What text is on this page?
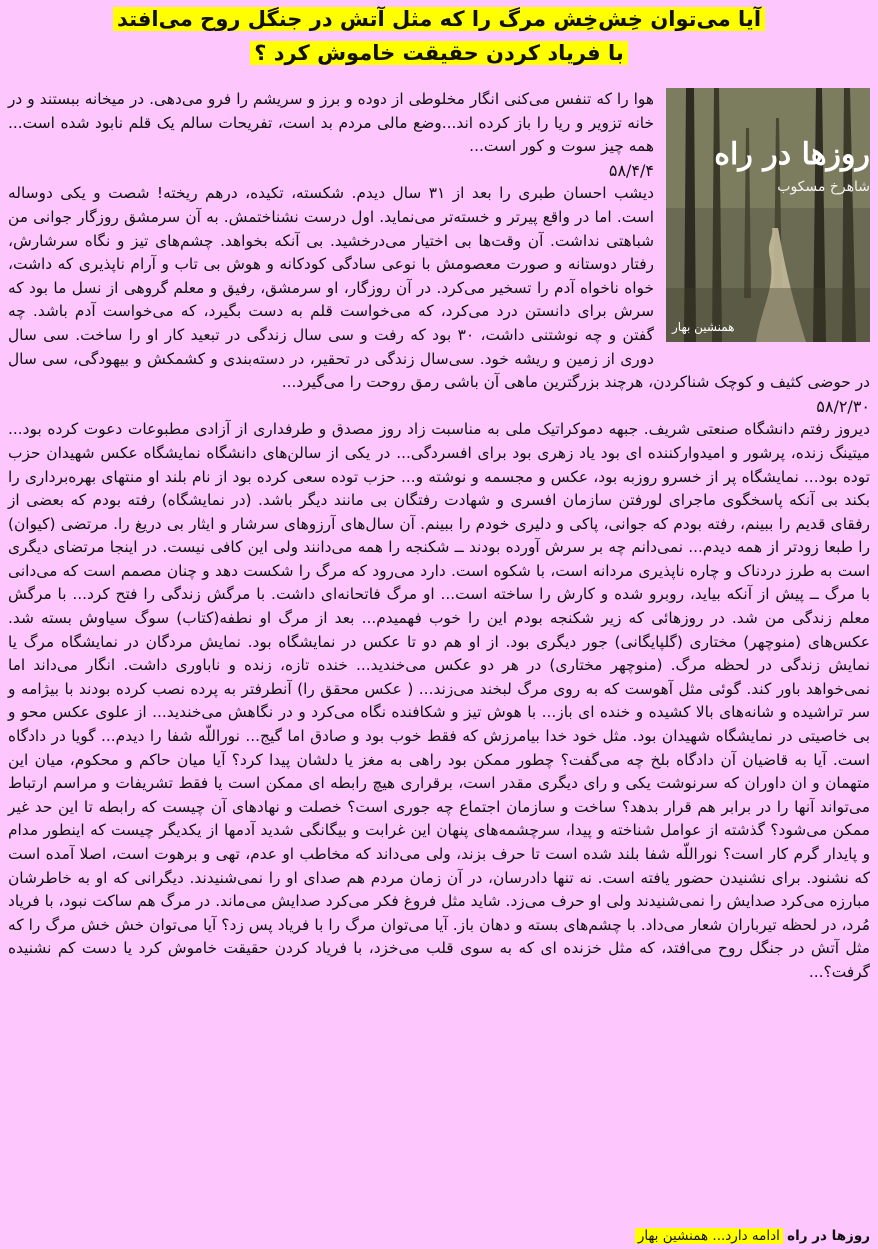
آیا می‌توان خِش‌خِش مرگ را که مثل آتش در جنگل روح می‌افتد
با فریاد کردن حقیقت خاموش کرد ؟
روزها در راه
شاهرخ مسکوب
همنشین بهار
هوا را که تنفس می‌کنی انگار مخلوطی از دوده و برز و سریشم را فرو می‌دهی. در میخانه ببستند و در خانه تزویر و ریا را باز کرده اند...وضع مالی مردم بد است، تفریحات سالم یک قلم نابود شده است... همه چیز سوت و کور است...
۵۸/۴/۴
دیشب احسان طبری را بعد از ۳۱ سال دیدم. شکسته، تکیده، درهم ریخته! شصت و یکی دوساله است. اما در واقع پیرتر و خسته‌تر می‌نماید. اول درست نشناختمش. به آن سرمشق روزگار جوانی من شباهتی نداشت. آن وقت‌ها بی اختیار می‌درخشید. بی آنکه بخواهد. چشم‌های تیز و نگاه سرشارش، رفتار دوستانه و صورت معصومش با نوعی سادگی کودکانه و هوش بی تاب و آرام ناپذیری که داشت، خواه ناخواه آدم را تسخیر می‌کرد. در آن روزگار، او سرمشق، رفیق و معلم گروهی از نسل ما بود که سرش برای دانستن درد می‌کرد، که می‌خواست قلم به دست بگیرد، که می‌خواست آدم باشد. چه گفتن و چه نوشتنی داشت، ۳۰ بود که رفت و سی سال زندگی در تبعید کار او را ساخت. سی سال دوری از زمین و ریشه خود. سی‌سال زندگی در تحقیر، در دسته‌بندی و کشمکش و بیهودگی، سی سال در حوضی کثیف و کوچک شناکردن، هرچند بزرگترین ماهی آن باشی رمق روحت را می‌گیرد...
۵۸/۲/۳۰
دیروز رفتم دانشگاه صنعتی شریف. جبهه دموکراتیک ملی به مناسبت زاد روز مصدق و طرفداری از آزادی مطبوعات دعوت کرده بود... میتینگ زنده، پرشور و امیدوارکننده ای بود یاد زهری بود برای افسردگی... در یکی از سالن‌های دانشگاه نمایشگاه عکس شهیدان حزب توده بود... نمایشگاه پر از خسرو روزبه بود، عکس و مجسمه و نوشته و... حزب توده سعی کرده بود از نام بلند او منتهای بهره‌برداری را بکند بی آنکه پاسخگوی ماجرای لورفتن سازمان افسری و شهادت رفتگان بی مانند دیگر باشد. (در نمایشگاه) رفته بودم که بعضی از رفقای قدیم را ببینم، رفته بودم که جوانی، پاکی و دلیری خودم را ببینم. آن سال‌های آرزوهای سرشار و ایثار بی دریغ را. مرتضی (کیوان) را طبعا زودتر از همه دیدم... نمی‌دانم چه بر سرش آورده بودند ــ شکنجه را همه می‌دانند ولی این کافی نیست. در اینجا مرتضای دیگری است به طرز دردناک و چاره ناپذیری مردانه است، با شکوه است. دارد می‌رود که مرگ را شکست دهد و چنان مصمم است که می‌دانی با مرگ ــ پیش از آنکه بیاید، روبرو شده و کارش را ساخته است... او مرگ فاتحانه‌ای داشت. با مرگش زندگی را فتح کرد... با مرگش معلم زندگی من شد. در روزهائی که زیر شکنجه بودم این را خوب فهمیدم... بعد از مرگ او نطفه(کتاب) سوگ سیاوش بسته شد. عکس‌های (منوچهر) مختاری (گلپایگانی) جور دیگری بود. از او هم دو تا عکس در نمایشگاه بود. نمایش مردگان در نمایشگاه مرگ یا نمایش زندگی در لحظه مرگ. (منوچهر مختاری) در هر دو عکس می‌خندید... خنده تازه، زنده و ناباوری داشت. انگار می‌داند اما نمی‌خواهد باور کند. گوئی مثل آهوست که به روی مرگ لبخند می‌زند... ( عکس محقق را) آنطرفتر به پرده نصب کرده بودند با بیژامه و سر تراشیده و شانه‌های بالا کشیده و خنده ای باز... با هوش تیز و شکافنده نگاه می‌کرد و در نگاهش می‌خندید... از علوی عکس محو و بی خاصیتی در نمایشگاه شهیدان بود. مثل خود خدا بیامرزش که فقط خوب بود و صادق اما گیج... نوراللّه شفا را دیدم... گویا در دادگاه است. آیا به قاضیان آن دادگاه بلخ چه می‌گفت؟ چطور ممکن بود راهی به مغز یا دلشان پیدا کرد؟ آیا میان حاکم و محکوم، میان این متهمان و ان داوران که سرنوشت یکی و رای دیگری مقدر است، برقراری هیچ رابطه ای ممکن است یا فقط تشریفات و مراسم ارتباط می‌تواند آنها را در برابر هم قرار بدهد؟ ساخت و سازمان اجتماع چه جوری است؟ خصلت و نهادهای آن چیست که رابطه تا این حد غیر ممکن می‌شود؟ گذشته از عوامل شناخته و پیدا، سرچشمه‌های پنهان این غرابت و بیگانگی شدید آدمها از یکدیگر چیست که اینطور مدام و پایدار گرم کار است؟ نوراللّه شفا بلند شده است تا حرف بزند، ولی می‌داند که مخاطب او عدم، تهی و برهوت است، اصلا آمده است که نشنود. برای نشنیدن حضور یافته است. نه تنها دادرسان، در آن زمان مردم هم صدای او را نمی‌شنیدند. دیگرانی که او به خاطرشان مبارزه می‌کرد صدایش را نمی‌شنیدند ولی او حرف می‌زد. شاید مثل فروغ فکر می‌کرد صدایش می‌ماند. در مرگ هم ساکت نبود، با فریاد مُرد، در لحظه تیرباران شعار می‌داد. با چشم‌های بسته و دهان باز. آیا می‌توان مرگ را با فریاد پس زد؟ آیا می‌توان خش خش مرگ را که مثل آتش در جنگل روح می‌افتد، که مثل خزنده ای که به سوی قلب می‌خزد، با فریاد کردن حقیقت خاموش کرد یا دست کم نشنیده گرفت؟...
روزها در راه ادامه دارد... همنشین بهار
